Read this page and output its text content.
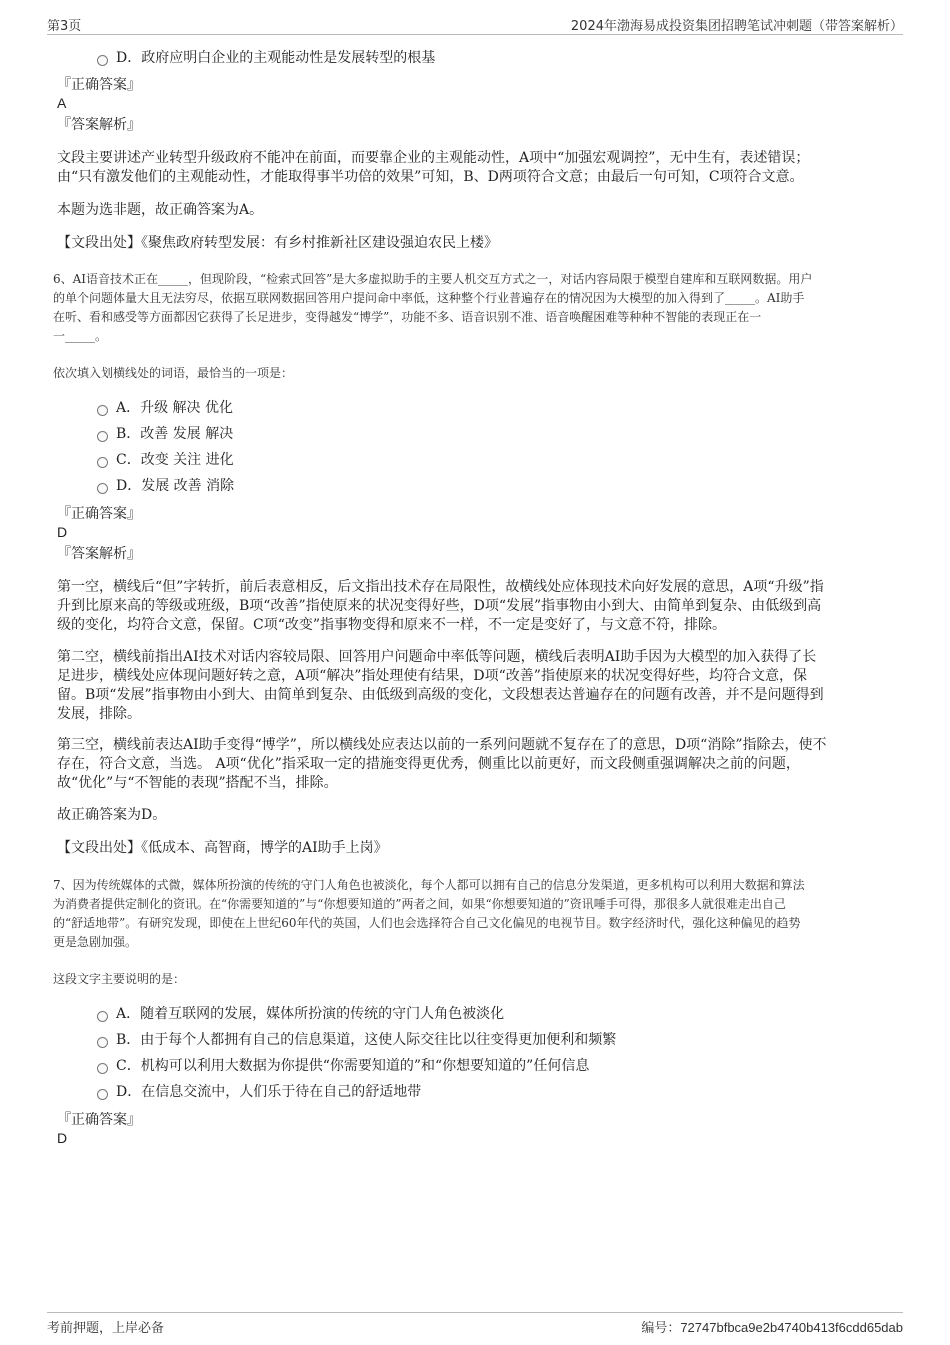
第3页	2024年渤海易成投资集团招聘笔试冲刺题（带答案解析）
D．政府应明白企业的主观能动性是发展转型的根基
『正确答案』
A
『答案解析』
文段主要讲述产业转型升级政府不能冲在前面，而要靠企业的主观能动性，A项中“加强宏观调控”，无中生有，表述错误；
由“只有激发他们的主观能动性，才能取得事半功倍的效果”可知，B、D两项符合文意；由最后一句可知，C项符合文意。
本题为选非题，故正确答案为A。
【文段出处】《聚焦政府转型发展：有乡村推新社区建设强迫农民上楼》
6、AI语音技术正在_____，但现阶段，“检索式回答”是大多虚拟助手的主要人机交互方式之一，对话内容局限于模型自建库和互联网数据。用户
的单个问题体量大且无法穷尽，依据互联网数据回答用户提问命中率低，这种整个行业普遍存在的情况因为大模型的加入得到了_____。AI助手
在听、看和感受等方面都因它获得了长足进步，变得越发“博学”，功能不多、语音识别不准、语音唤醒困难等种种不智能的表现正在一
一_____。
依次填入划横线处的词语，最恰当的一项是：
A．升级 解决 优化
B．改善 发展 解决
C．改变 关注 进化
D．发展 改善 消除
『正确答案』
D
『答案解析』
第一空，横线后“但”字转折，前后表意相反，后文指出技术存在局限性，故横线处应体现技术向好发展的意思，A项“升级”指
升到比原来高的等级或班级，B项“改善”指使原来的状况变得好些，D项“发展”指事物由小到大、由简单到复杂、由低级到高
级的变化，均符合文意，保留。C项“改变”指事物变得和原来不一样，不一定是变好了，与文意不符，排除。
第二空，横线前指出AI技术对话内容较局限、回答用户问题命中率低等问题，横线后表明AI助手因为大模型的加入获得了长
足进步，横线处应体现问题好转之意，A项“解决”指处理使有结果，D项“改善”指使原来的状况变得好些，均符合文意，保
留。B项“发展”指事物由小到大、由简单到复杂、由低级到高级的变化，文段想表达普遍存在的问题有改善，并不是问题得到
发展，排除。
第三空，横线前表达AI助手变得“博学”，所以横线处应表达以前的一系列问题就不复存在了的意思，D项“消除”指除去，使不
存在，符合文意，当选。 A项“优化”指采取一定的措施变得更优秀，侧重比以前更好，而文段侧重强调解决之前的问题，
故“优化”与“不智能的表现”搭配不当，排除。
故正确答案为D。
【文段出处】《低成本、高智商，博学的AI助手上岗》
7、因为传统媒体的式微，媒体所扮演的传统的守门人角色也被淡化，每个人都可以拥有自己的信息分发渠道，更多机构可以利用大数据和算法
为消费者提供定制化的资讯。在“你需要知道的”与“你想要知道的”两者之间，如果“你想要知道的”资讯唾手可得，那很多人就很难走出自己
的“舒适地带”。有研究发现，即使在上世纪60年代的英国，人们也会选择符合自己文化偏见的电视节目。数字经济时代，强化这种偏见的趋势
更是急剧加强。
这段文字主要说明的是：
A．随着互联网的发展，媒体所扮演的传统的守门人角色被淡化
B．由于每个人都拥有自己的信息渠道，这使人际交往比以往变得更加便利和频繁
C．机构可以利用大数据为你提供“你需要知道的”和“你想要知道的”任何信息
D．在信息交流中，人们乐于待在自己的舒适地带
『正确答案』
D
考前押题，上岸必备	编号：72747bfbca9e2b4740b413f6cdd65dab
